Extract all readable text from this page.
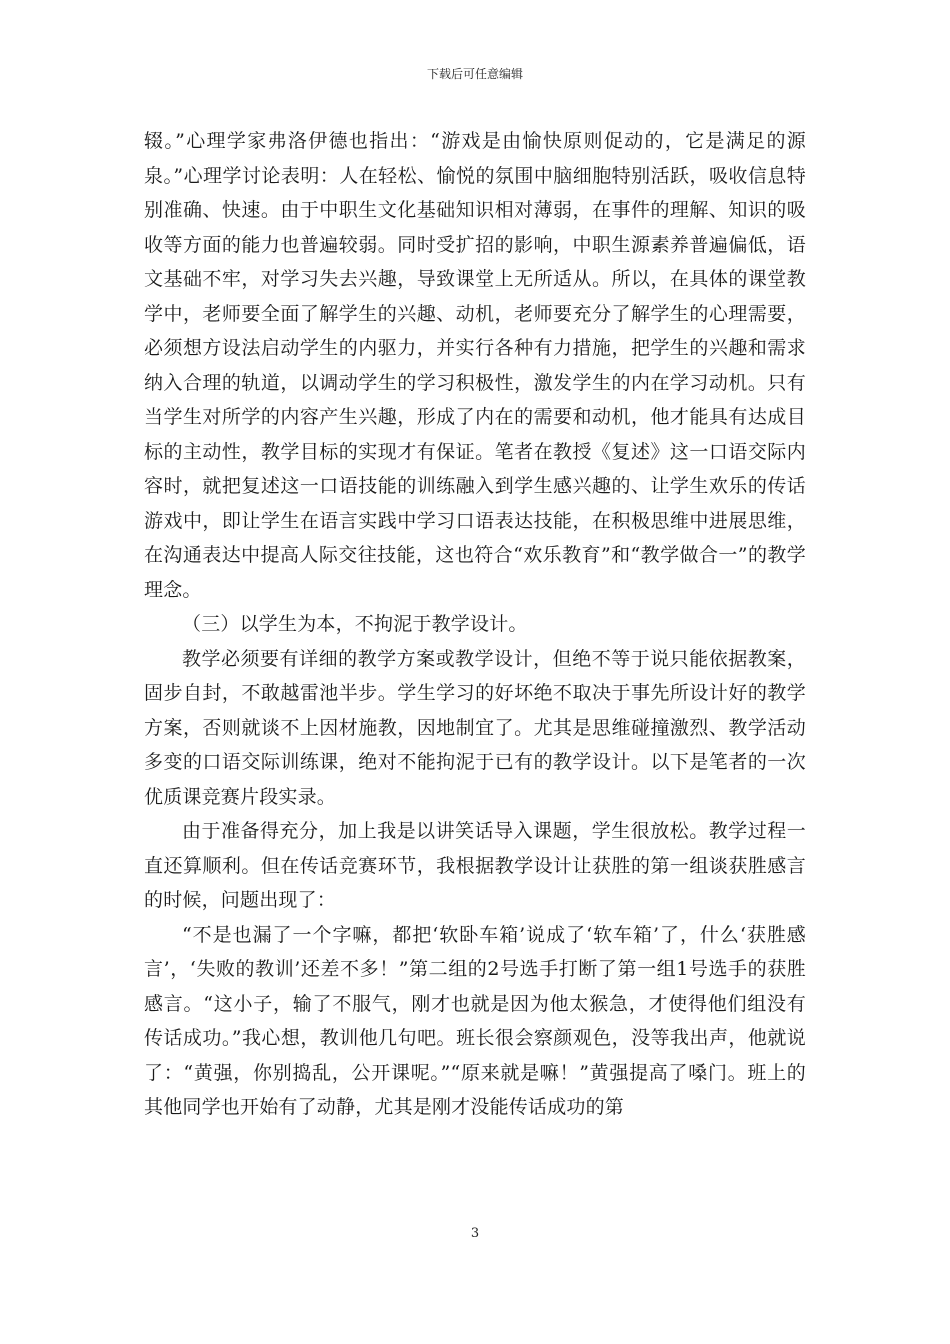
下载后可任意编辑

辍。”心理学家弗洛伊德也指出：“游戏是由愉快原则促动的，它是满足的源泉。”心理学讨论表明：人在轻松、愉悦的氛围中脑细胞特别活跃，吸收信息特别准确、快速。由于中职生文化基础知识相对薄弱，在事件的理解、知识的吸收等方面的能力也普遍较弱。同时受扩招的影响，中职生源素养普遍偏低，语文基础不牢，对学习失去兴趣，导致课堂上无所适从。所以，在具体的课堂教学中，老师要全面了解学生的兴趣、动机，老师要充分了解学生的心理需要，必须想方设法启动学生的内驱力，并实行各种有力措施，把学生的兴趣和需求纳入合理的轨道，以调动学生的学习积极性，激发学生的内在学习动机。只有当学生对所学的内容产生兴趣，形成了内在的需要和动机，他才能具有达成目标的主动性，教学目标的实现才有保证。笔者在教授《复述》这一口语交际内容时，就把复述这一口语技能的训练融入到学生感兴趣的、让学生欢乐的传话游戏中，即让学生在语言实践中学习口语表达技能，在积极思维中进展思维，在沟通表达中提高人际交往技能，这也符合“欢乐教育”和“教学做合一”的教学理念。

（三）以学生为本，不拘泥于教学设计。

教学必须要有详细的教学方案或教学设计，但绝不等于说只能依据教案，固步自封，不敢越雷池半步。学生学习的好坏绝不取决于事先所设计好的教学方案，否则就谈不上因材施教，因地制宜了。尤其是思维碰撞激烈、教学活动多变的口语交际训练课，绝对不能拘泥于已有的教学设计。以下是笔者的一次优质课竞赛片段实录。

由于准备得充分，加上我是以讲笑话导入课题，学生很放松。教学过程一直还算顺利。但在传话竞赛环节，我根据教学设计让获胜的第一组谈获胜感言的时候，问题出现了：

“不是也漏了一个字嘛，都把‘软卧车箱’说成了‘软车箱’了，什么‘获胜感言’，‘失败的教训’还差不多！”第二组的2号选手打断了第一组1号选手的获胜感言。“这小子，输了不服气，刚才也就是因为他太猴急，才使得他们组没有传话成功。”我心想，教训他几句吧。班长很会察颜观色，没等我出声，他就说了：“黄强，你别捣乱，公开课呢。”“原来就是嘛！”黄强提高了嗓门。班上的其他同学也开始有了动静，尤其是刚才没能传话成功的第

3
